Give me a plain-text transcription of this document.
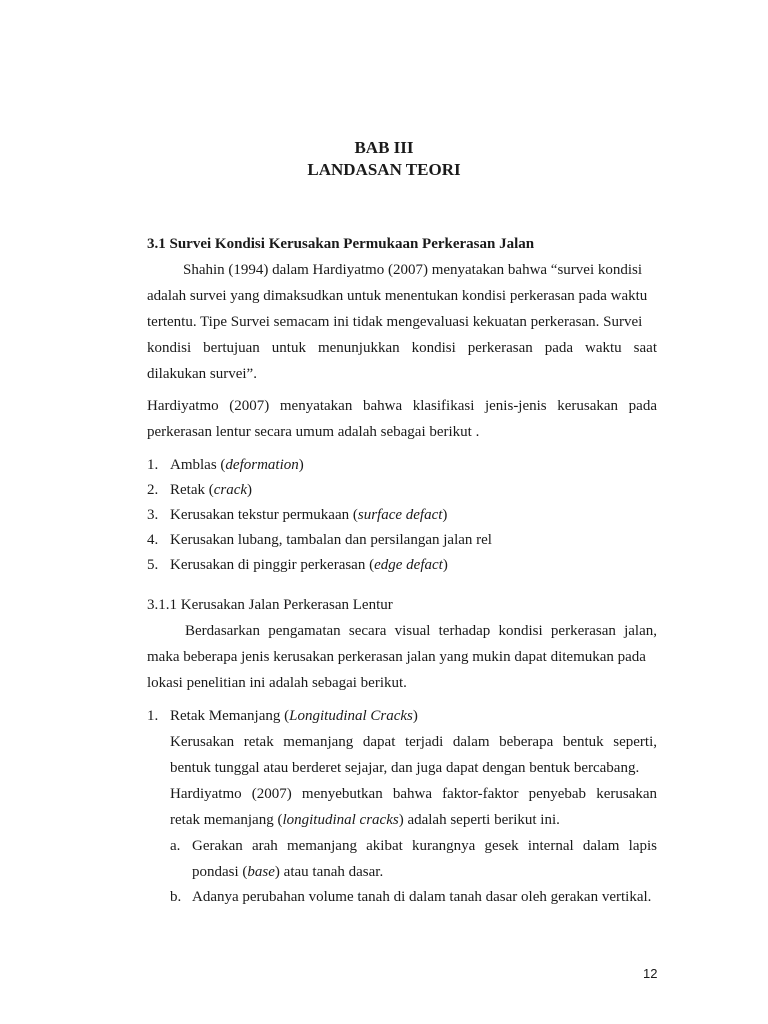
BAB III
LANDASAN TEORI
3.1 Survei Kondisi Kerusakan Permukaan Perkerasan Jalan
Shahin (1994) dalam Hardiyatmo (2007) menyatakan bahwa “survei kondisi
adalah survei yang dimaksudkan untuk menentukan kondisi perkerasan pada waktu
tertentu. Tipe Survei semacam ini tidak mengevaluasi kekuatan perkerasan. Survei
kondisi bertujuan untuk menunjukkan kondisi perkerasan pada waktu saat
dilakukan survei”.
Hardiyatmo (2007) menyatakan bahwa klasifikasi jenis-jenis kerusakan pada
perkerasan lentur secara umum adalah sebagai berikut .
1. Amblas (deformation)
2. Retak (crack)
3. Kerusakan tekstur permukaan (surface defact)
4. Kerusakan lubang, tambalan dan persilangan jalan rel
5. Kerusakan di pinggir perkerasan (edge defact)
3.1.1 Kerusakan Jalan Perkerasan Lentur
Berdasarkan pengamatan secara visual terhadap kondisi perkerasan jalan,
maka beberapa jenis kerusakan perkerasan jalan yang mukin dapat ditemukan pada
lokasi penelitian ini adalah sebagai berikut.
1. Retak Memanjang (Longitudinal Cracks)
Kerusakan retak memanjang dapat terjadi dalam beberapa bentuk seperti,
bentuk tunggal atau berderet sejajar, dan juga dapat dengan bentuk bercabang.
Hardiyatmo (2007) menyebutkan bahwa faktor-faktor penyebab kerusakan
retak memanjang (longitudinal cracks) adalah seperti berikut ini.
a. Gerakan arah memanjang akibat kurangnya gesek internal dalam lapis
pondasi (base) atau tanah dasar.
b. Adanya perubahan volume tanah di dalam tanah dasar oleh gerakan vertikal.
12
